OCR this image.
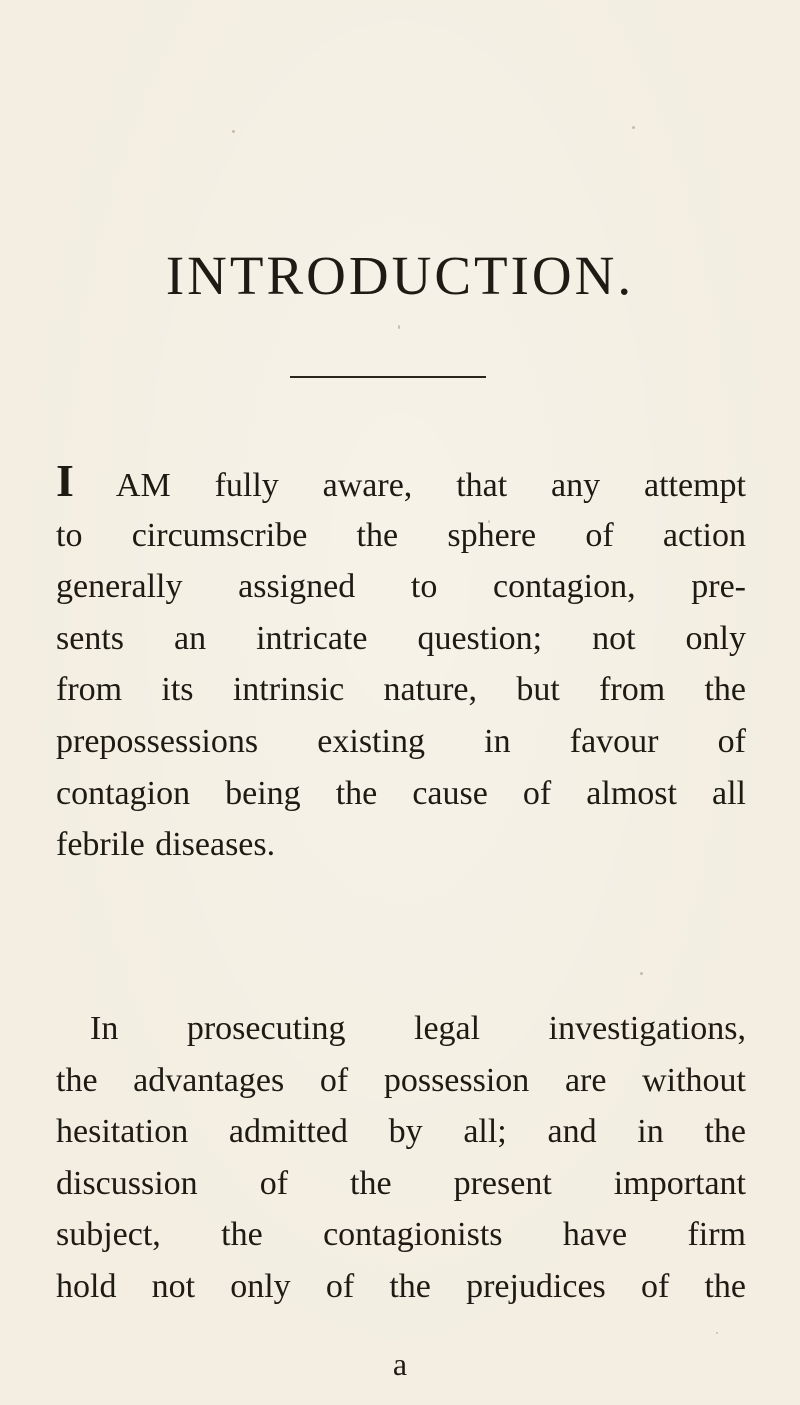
INTRODUCTION.

I AM fully aware, that any attempt
to circumscribe the sphere of action
generally assigned to contagion, pre-
sents an intricate question; not only
from its intrinsic nature, but from the
prepossessions existing in favour of
contagion being the cause of almost all
febrile diseases.

In prosecuting legal investigations,
the advantages of possession are without
hesitation admitted by all; and in the
discussion of the present important
subject, the contagionists have firm
hold not only of the prejudices of the

a
